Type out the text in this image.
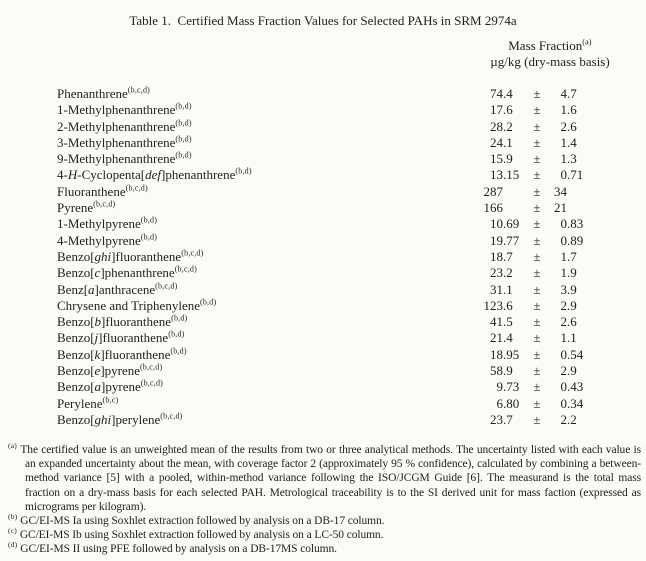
Table 1.  Certified Mass Fraction Values for Selected PAHs in SRM 2974a
Mass Fraction$^{(a)}$
µg/kg (dry-mass basis)
Phenanthrene$^{(b,c,d)}$	74 .4	±	4 .7
1-Methylphenanthrene$^{(b,d)}$	17 .6	±	1 .6
2-Methylphenanthrene$^{(b,d)}$	28 .2	±	2 .6
3-Methylphenanthrene$^{(b,d)}$	24 .1	±	1 .4
9-Methylphenanthrene$^{(b,d)}$	15 .9	±	1 .3
4-H-Cyclopenta[def]phenanthrene$^{(b,d)}$	13 .15	±	0 .71
Fluoranthene$^{(b,c,d)}$	287	±	34
Pyrene$^{(b,c,d)}$	166	±	21
1-Methylpyrene$^{(b,d)}$	10 .69	±	0 .83
4-Methylpyrene$^{(b,d)}$	19 .77	±	0 .89
Benzo[ghi]fluoranthene$^{(b,c,d)}$	18 .7	±	1 .7
Benzo[c]phenanthrene$^{(b,c,d)}$	23 .2	±	1 .9
Benz[a]anthracene$^{(b,c,d)}$	31 .1	±	3 .9
Chrysene and Triphenylene$^{(b,d)}$	123 .6	±	2 .9
Benzo[b]fluoranthene$^{(b,d)}$	41 .5	±	2 .6
Benzo[j]fluoranthene$^{(b,d)}$	21 .4	±	1 .1
Benzo[k]fluoranthene$^{(b,d)}$	18 .95	±	0 .54
Benzo[e]pyrene$^{(b,c,d)}$	58 .9	±	2 .9
Benzo[a]pyrene$^{(b,c,d)}$	9 .73	±	0 .43
Perylene$^{(b,c)}$	6 .80	±	0 .34
Benzo[ghi]perylene$^{(b,c,d)}$	23 .7	±	2 .2
$^{(a)}$ The certified value is an unweighted mean of the results from two or three analytical methods. The uncertainty listed with each value is an expanded uncertainty about the mean, with coverage factor 2 (approximately 95 % confidence), calculated by combining a between-method variance [5] with a pooled, within-method variance following the ISO/JCGM Guide [6]. The measurand is the total mass fraction on a dry-mass basis for each selected PAH. Metrological traceability is to the SI derived unit for mass faction (expressed as micrograms per kilogram).
$^{(b)}$ GC/EI-MS Ia using Soxhlet extraction followed by analysis on a DB-17 column.
$^{(c)}$ GC/EI-MS Ib using Soxhlet extraction followed by analysis on a LC-50 column.
$^{(d)}$ GC/EI-MS II using PFE followed by analysis on a DB-17MS column.
